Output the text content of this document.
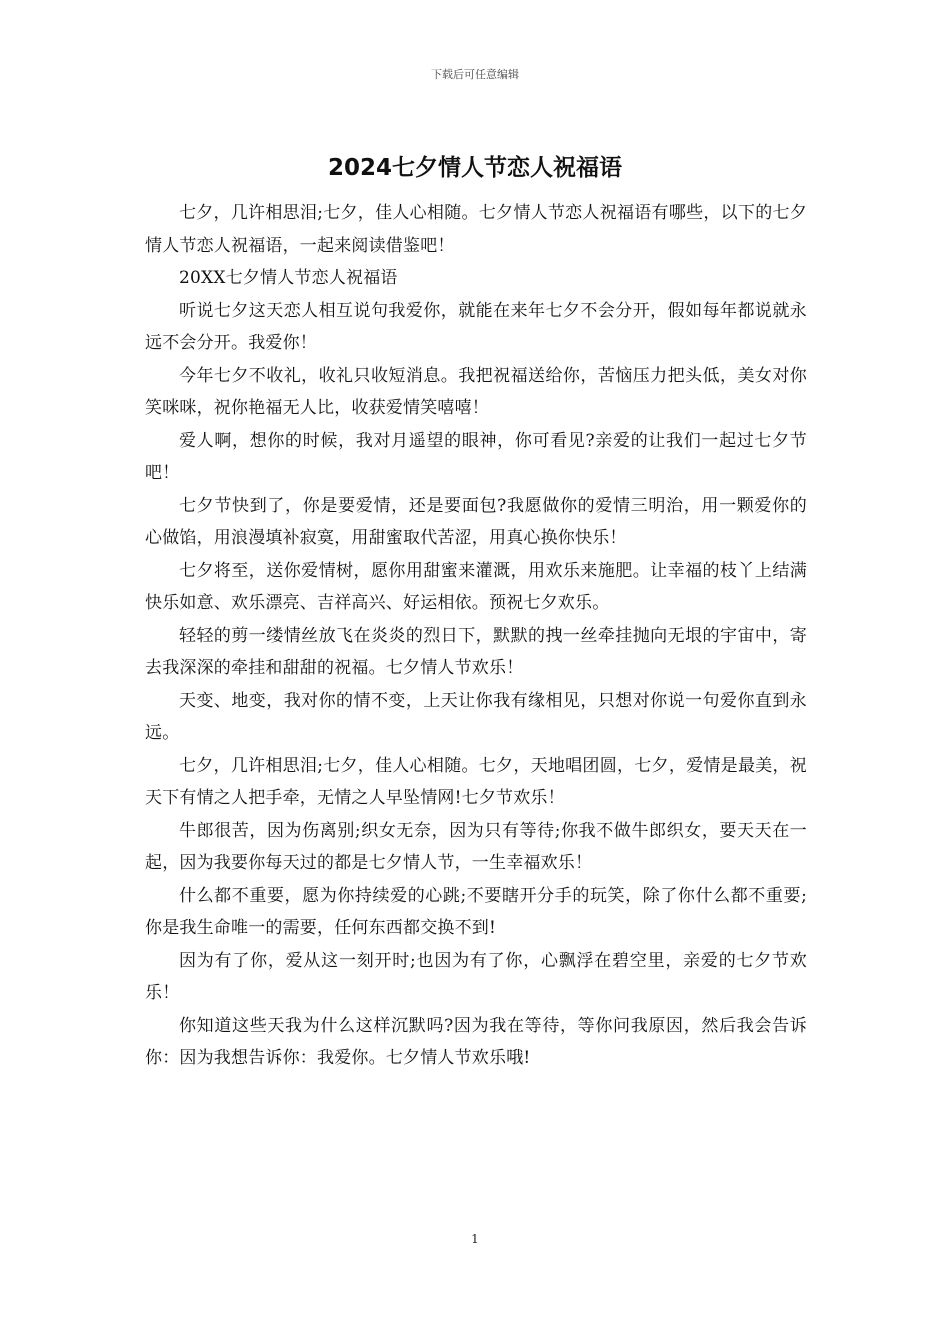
下载后可任意编辑
2024七夕情人节恋人祝福语

七夕，几许相思泪;七夕，佳人心相随。七夕情人节恋人祝福语有哪些，以下的七夕情人节恋人祝福语，一起来阅读借鉴吧！

20XX七夕情人节恋人祝福语

听说七夕这天恋人相互说句我爱你，就能在来年七夕不会分开，假如每年都说就永远不会分开。我爱你！

今年七夕不收礼，收礼只收短消息。我把祝福送给你，苦恼压力把头低，美女对你笑咪咪，祝你艳福无人比，收获爱情笑嘻嘻！

爱人啊，想你的时候，我对月遥望的眼神，你可看见?亲爱的让我们一起过七夕节吧！

七夕节快到了，你是要爱情，还是要面包?我愿做你的爱情三明治，用一颗爱你的心做馅，用浪漫填补寂寞，用甜蜜取代苦涩，用真心换你快乐！

七夕将至，送你爱情树，愿你用甜蜜来灌溉，用欢乐来施肥。让幸福的枝丫上结满快乐如意、欢乐漂亮、吉祥高兴、好运相依。预祝七夕欢乐。

轻轻的剪一缕情丝放飞在炎炎的烈日下，默默的拽一丝牵挂抛向无垠的宇宙中，寄去我深深的牵挂和甜甜的祝福。七夕情人节欢乐！

天变、地变，我对你的情不变，上天让你我有缘相见，只想对你说一句爱你直到永远。

七夕，几许相思泪;七夕，佳人心相随。七夕，天地唱团圆，七夕，爱情是最美，祝天下有情之人把手牵，无情之人早坠情网!七夕节欢乐！

牛郎很苦，因为伤离别;织女无奈，因为只有等待;你我不做牛郎织女，要天天在一起，因为我要你每天过的都是七夕情人节，一生幸福欢乐！

什么都不重要，愿为你持续爱的心跳;不要瞎开分手的玩笑，除了你什么都不重要;你是我生命唯一的需要，任何东西都交换不到!

因为有了你，爱从这一刻开时;也因为有了你，心飘浮在碧空里，亲爱的七夕节欢乐！

你知道这些天我为什么这样沉默吗?因为我在等待，等你问我原因，然后我会告诉你：因为我想告诉你：我爱你。七夕情人节欢乐哦!

1
